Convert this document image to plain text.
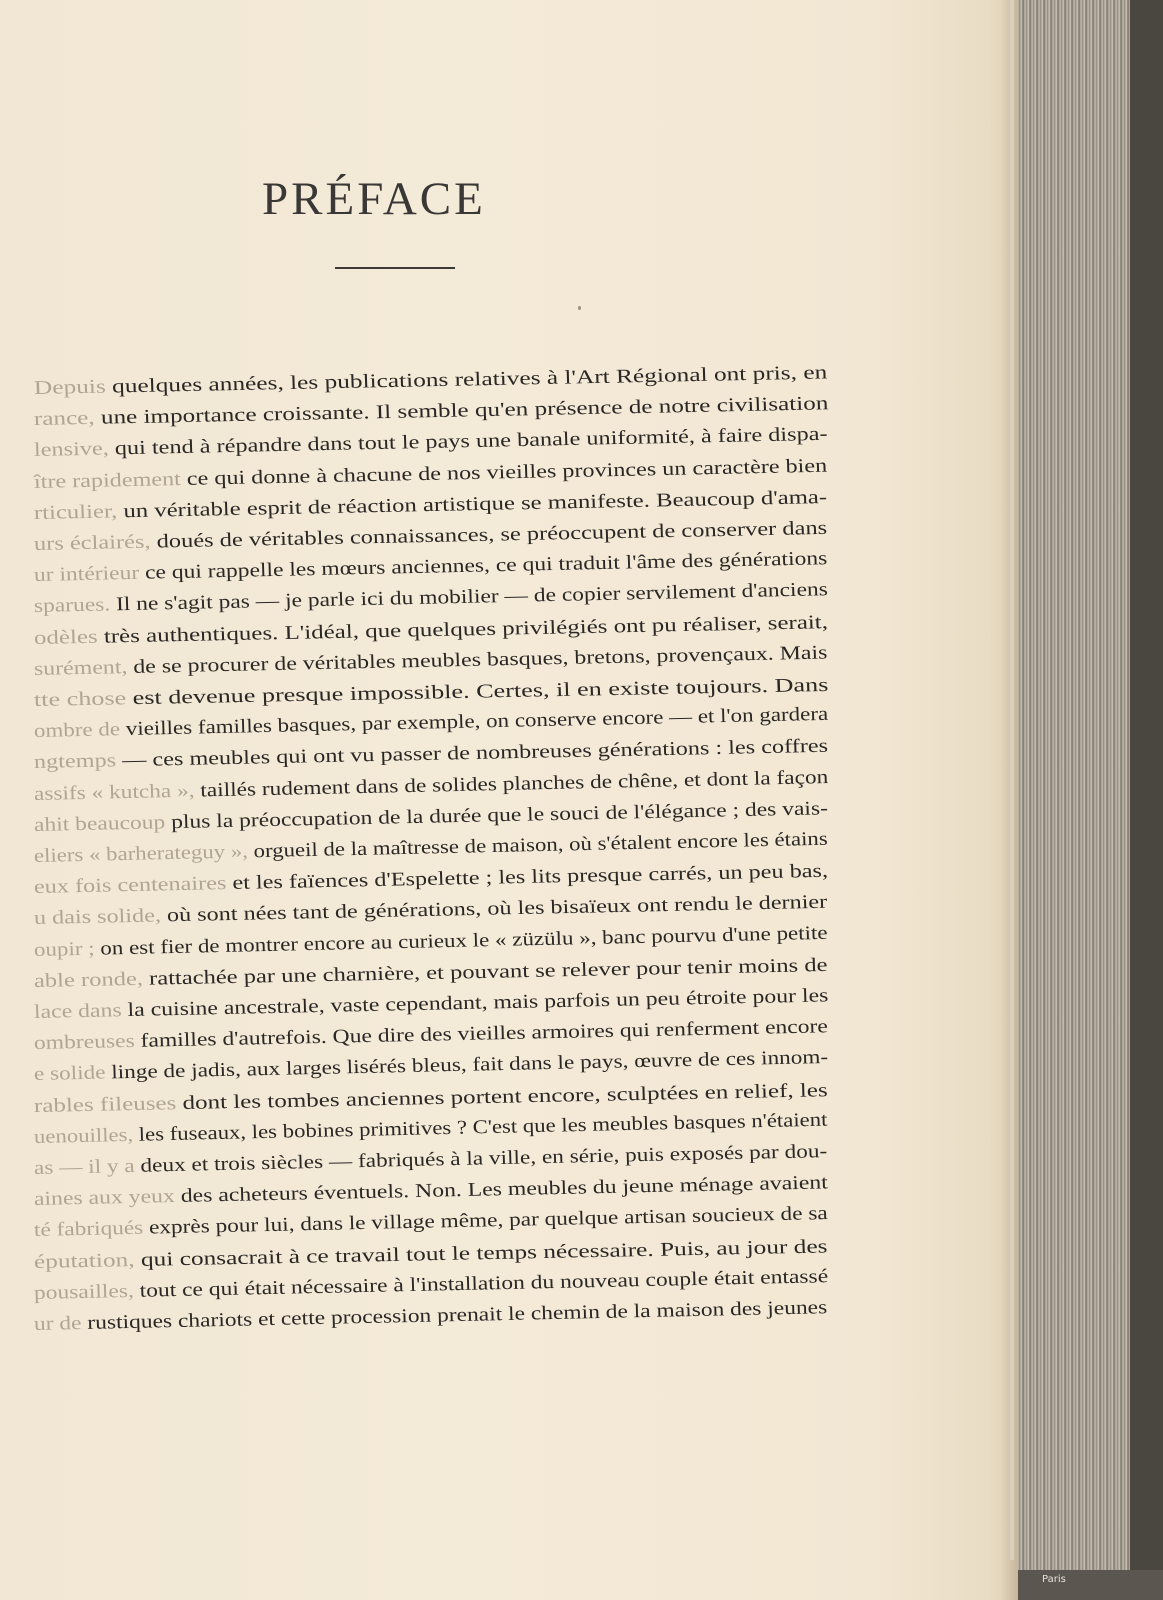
Paris
PRÉFACE
Depuis quelques années, les publications relatives à l'Art Régional ont pris, en
rance, une importance croissante. Il semble qu'en présence de notre civilisation
lensive, qui tend à répandre dans tout le pays une banale uniformité, à faire dispa-
ître rapidement ce qui donne à chacune de nos vieilles provinces un caractère bien
rticulier, un véritable esprit de réaction artistique se manifeste. Beaucoup d'ama-
urs éclairés, doués de véritables connaissances, se préoccupent de conserver dans
ur intérieur ce qui rappelle les mœurs anciennes, ce qui traduit l'âme des générations
sparues. Il ne s'agit pas — je parle ici du mobilier — de copier servilement d'anciens
odèles très authentiques. L'idéal, que quelques privilégiés ont pu réaliser, serait,
surément, de se procurer de véritables meubles basques, bretons, provençaux. Mais
tte chose est devenue presque impossible. Certes, il en existe toujours. Dans
ombre de vieilles familles basques, par exemple, on conserve encore — et l'on gardera
ngtemps — ces meubles qui ont vu passer de nombreuses générations : les coffres
assifs « kutcha », taillés rudement dans de solides planches de chêne, et dont la façon
ahit beaucoup plus la préoccupation de la durée que le souci de l'élégance ; des vais-
eliers « barherateguy », orgueil de la maîtresse de maison, où s'étalent encore les étains
eux fois centenaires et les faïences d'Espelette ; les lits presque carrés, un peu bas,
u dais solide, où sont nées tant de générations, où les bisaïeux ont rendu le dernier
oupir ; on est fier de montrer encore au curieux le « züzülu », banc pourvu d'une petite
able ronde, rattachée par une charnière, et pouvant se relever pour tenir moins de
lace dans la cuisine ancestrale, vaste cependant, mais parfois un peu étroite pour les
ombreuses familles d'autrefois. Que dire des vieilles armoires qui renferment encore
e solide linge de jadis, aux larges lisérés bleus, fait dans le pays, œuvre de ces innom-
rables fileuses dont les tombes anciennes portent encore, sculptées en relief, les
uenouilles, les fuseaux, les bobines primitives ? C'est que les meubles basques n'étaient
as — il y a deux et trois siècles — fabriqués à la ville, en série, puis exposés par dou-
aines aux yeux des acheteurs éventuels. Non. Les meubles du jeune ménage avaient
té fabriqués exprès pour lui, dans le village même, par quelque artisan soucieux de sa
éputation, qui consacrait à ce travail tout le temps nécessaire. Puis, au jour des
pousailles, tout ce qui était nécessaire à l'installation du nouveau couple était entassé
ur de rustiques chariots et cette procession prenait le chemin de la maison des jeunes
